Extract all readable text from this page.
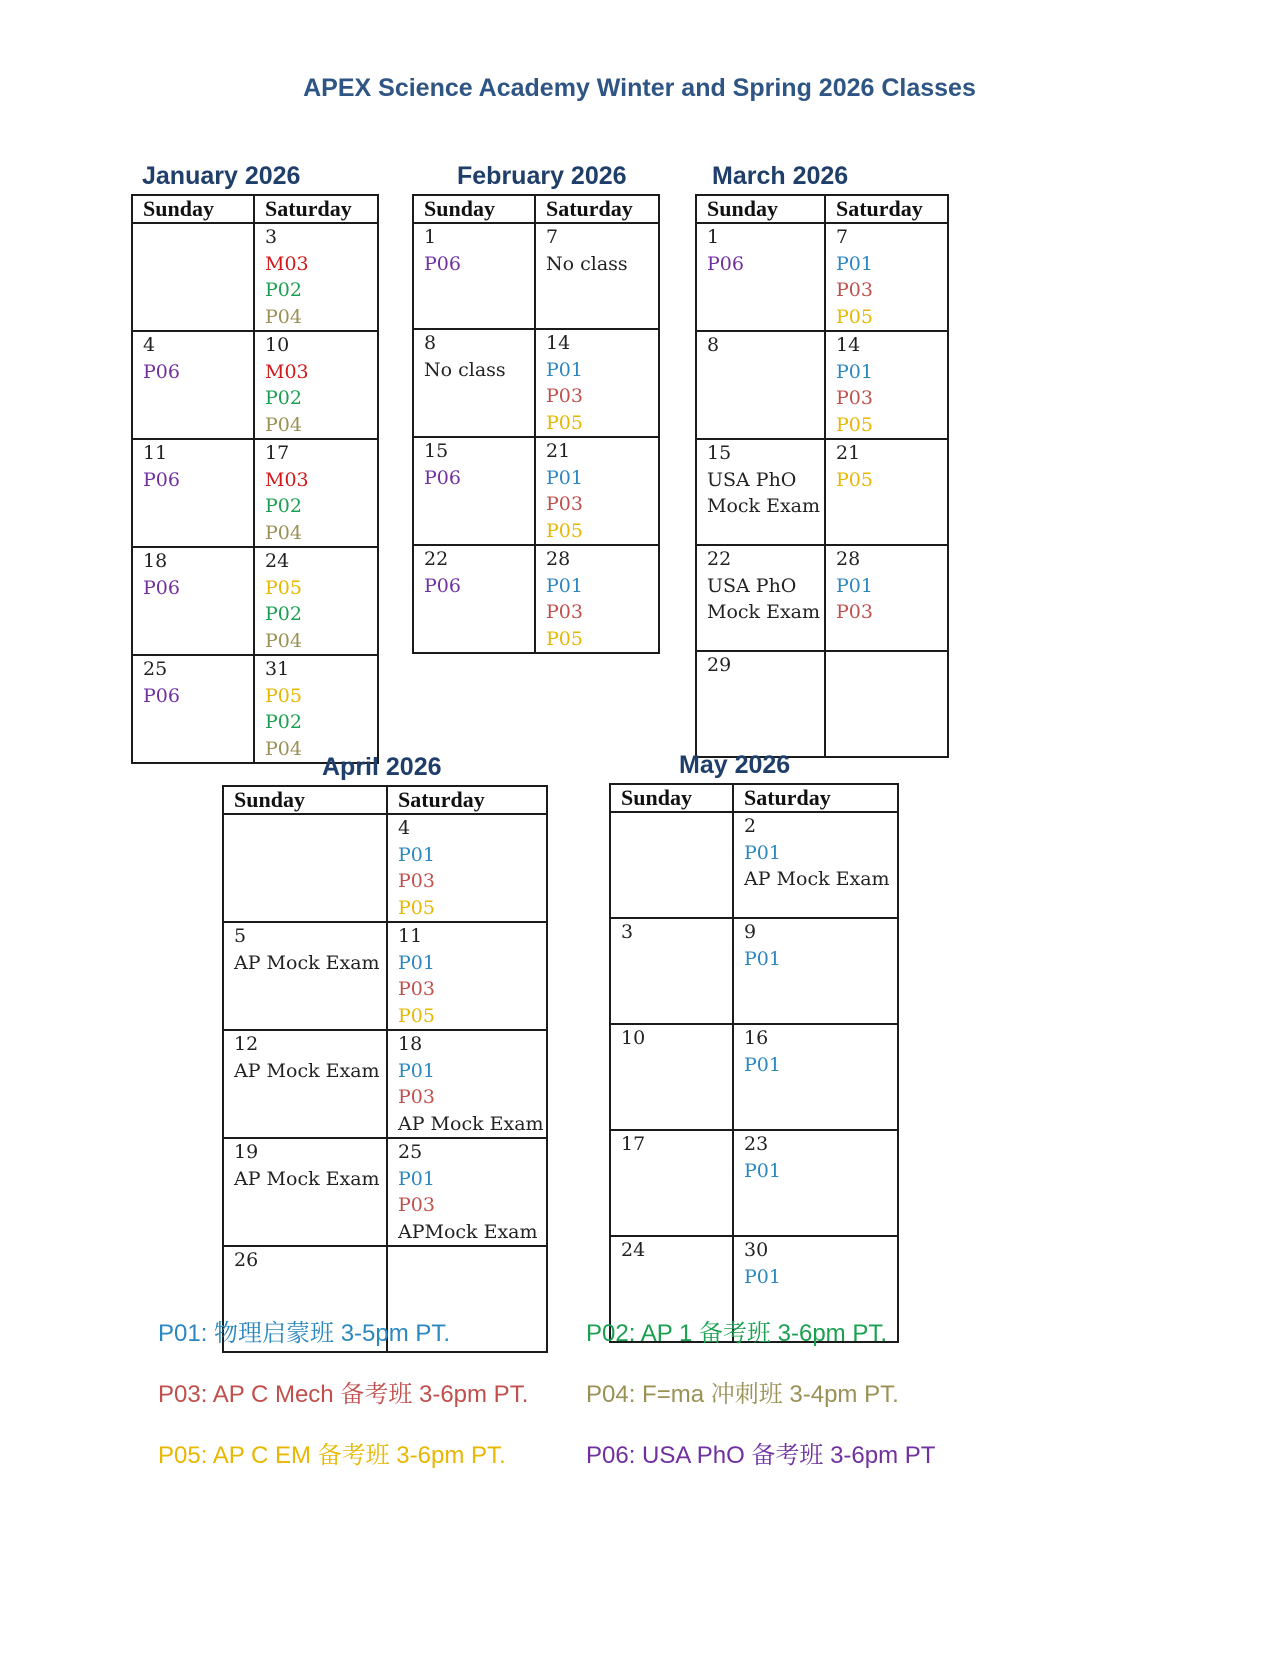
APEX Science Academy Winter and Spring 2026 Classes
January 2026
Sunday	Saturday

	3
M03
P02
P04

4
P06	10
M03
P02
P04

11
P06	17
M03
P02
P04

18
P06	24
P05
P02
P04

25
P06	31
P05
P02
P04
February 2026
Sunday	Saturday

1
P06	7
No class

8
No class	14
P01
P03
P05

15
P06	21
P01
P03
P05

22
P06	28
P01
P03
P05
March 2026
Sunday	Saturday

1
P06	7
P01
P03
P05

8	14
P01
P03
P05

15
USA PhO
Mock Exam	21
P05

22
USA PhO
Mock Exam	28
P01
P03

29	

April 2026
Sunday	Saturday

	4
P01
P03
P05

5
AP Mock Exam	11
P01
P03
P05

12
AP Mock Exam	18
P01
P03
AP Mock Exam

19
AP Mock Exam	25
P01
P03
APMock Exam

26	

May 2026
Sunday	Saturday

	2
P01
AP Mock Exam

3	9
P01

10	16
P01

17	23
P01

24	30
P01
P01: 物理启蒙班 3-5pm PT.	P02: AP 1 备考班 3-6pm PT.
P03: AP C Mech 备考班 3-6pm PT. P04: F=ma 冲刺班 3-4pm PT.
P05: AP C EM 备考班 3-6pm PT.	P06: USA PhO 备考班 3-6pm PT
